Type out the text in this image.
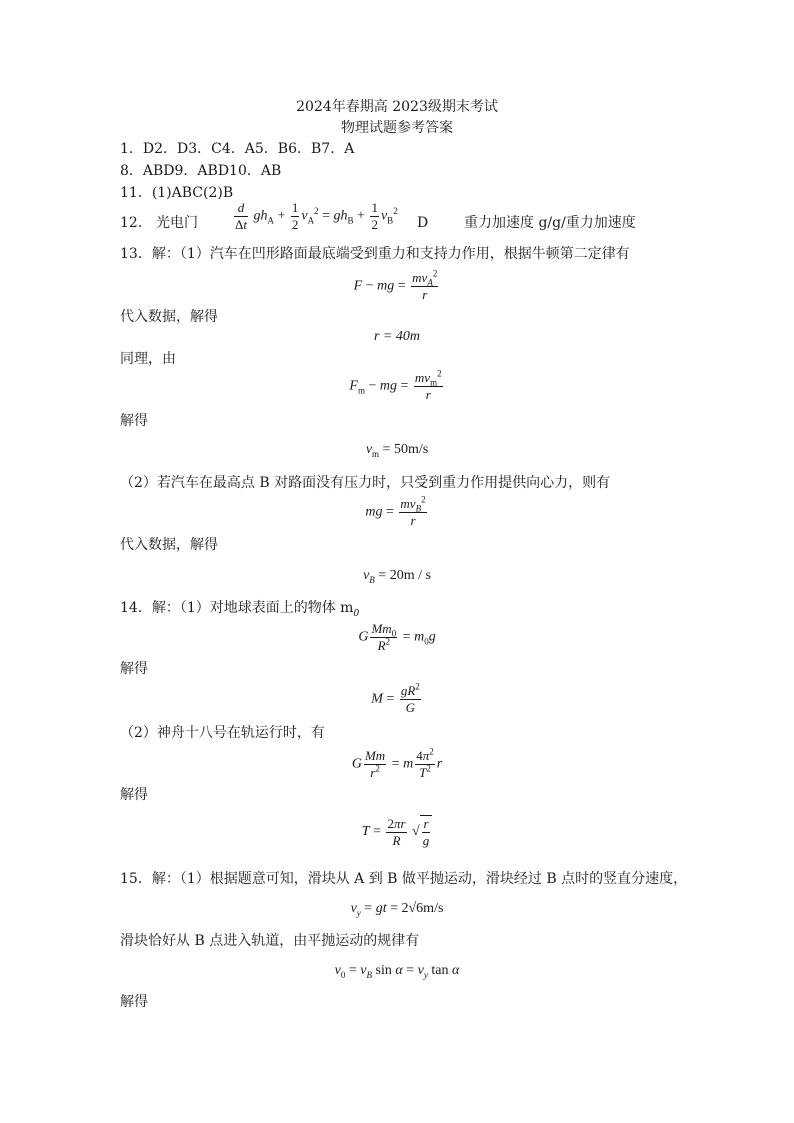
2024年春期高 2023级期末考试
物理试题参考答案
1．D2．D3．C4．A5．B6．B7．A
8．ABD9．ABD10．AB
11．(1)ABC(2)B
12． 光电门	$\frac{d}{\Delta t} gh_A + \frac{1}{2} v_A^2 = gh_B + \frac{1}{2} v_B^2$
D	重力加速度 g/g/重力加速度
13．解：（1）汽车在凹形路面最底端受到重力和支持力作用，根据牛顿第二定律有
F − mg = $\frac{mv_A^2}{r}$
代入数据，解得
r = 40m
同理，由
$F_m$ − mg = $\frac{mv_m^2}{r}$
解得
$v_m = 50m/s$
（2）若汽车在最高点 B 对路面没有压力时，只受到重力作用提供向心力，则有
mg = $\frac{mv_B^2}{r}$
代入数据，解得
$v_B = 20m / s$
14．解：（1）对地球表面上的物体 $m_0$
G $\frac{Mm_0}{R^2} = m_0g$
解得
$M = \frac{gR^2}{G}$
（2）神舟十八号在轨运行时，有
G $\frac{Mm}{r^2} = m \frac{4\pi^2}{T^2}$ r
解得
$T = \frac{2\pi r}{R}$ √ $\frac{r}{g}$
15．解：（1）根据题意可知，滑块从 A 到 B 做平抛运动，滑块经过 B 点时的竖直分速度，
$v_y$ = gt = 2√6m/s
滑块恰好从 B 点进入轨道，由平抛运动的规律有
$v_0 = v_B$ $\sin \alpha = v_y$ tan α
解得
